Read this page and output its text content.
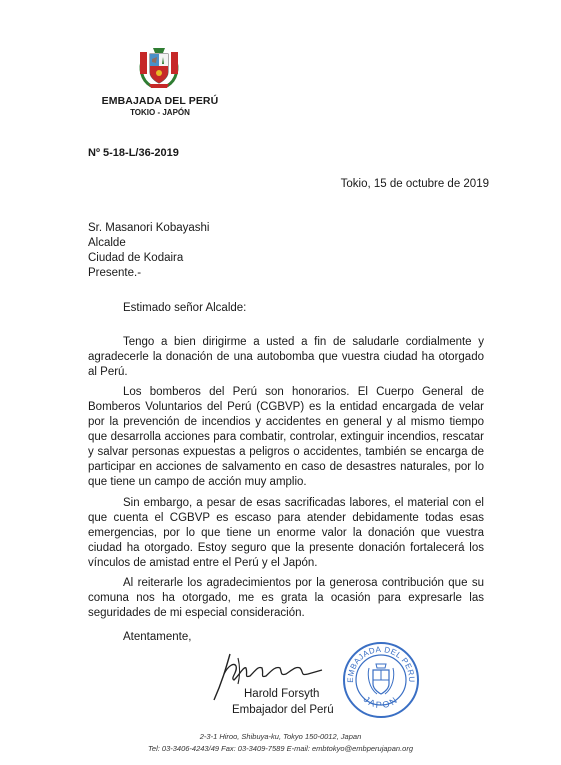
EMBAJADA DEL PERÚ
TOKIO - JAPÓN
Nº 5-18-L/36-2019
Tokio, 15 de octubre de 2019
Sr. Masanori Kobayashi
Alcalde
Ciudad de Kodaira
Presente.-
Estimado señor Alcalde:

Tengo a bien dirigirme a usted a fin de saludarle cordialmente y agradecerle la donación de una autobomba que vuestra ciudad ha otorgado al Perú.

Los bomberos del Perú son honorarios. El Cuerpo General de Bomberos Voluntarios del Perú (CGBVP) es la entidad encargada de velar por la prevención de incendios y accidentes en general y al mismo tiempo que desarrolla acciones para combatir, controlar, extinguir incendios, rescatar y salvar personas expuestas a peligros o accidentes, también se encarga de participar en acciones de salvamento en caso de desastres naturales, por lo que tiene un campo de acción muy amplio.

Sin embargo, a pesar de esas sacrificadas labores, el material con el que cuenta el CGBVP es escaso para atender debidamente todas esas emergencias, por lo que tiene un enorme valor la donación que vuestra ciudad ha otorgado. Estoy seguro que la presente donación fortalecerá los vínculos de amistad entre el Perú y el Japón.

Al reiterarle los agradecimientos por la generosa contribución que su comuna nos ha otorgado, me es grata la ocasión para expresarle las seguridades de mi especial consideración.

Atentamente,
EMBAJADA DEL PERU
JAPON
Harold Forsyth
Embajador del Perú
2-3-1 Hiroo, Shibuya-ku, Tokyo 150-0012, Japan
Tel: 03-3406-4243/49 Fax: 03-3409-7589 E-mail: embtokyo@embperujapan.org
